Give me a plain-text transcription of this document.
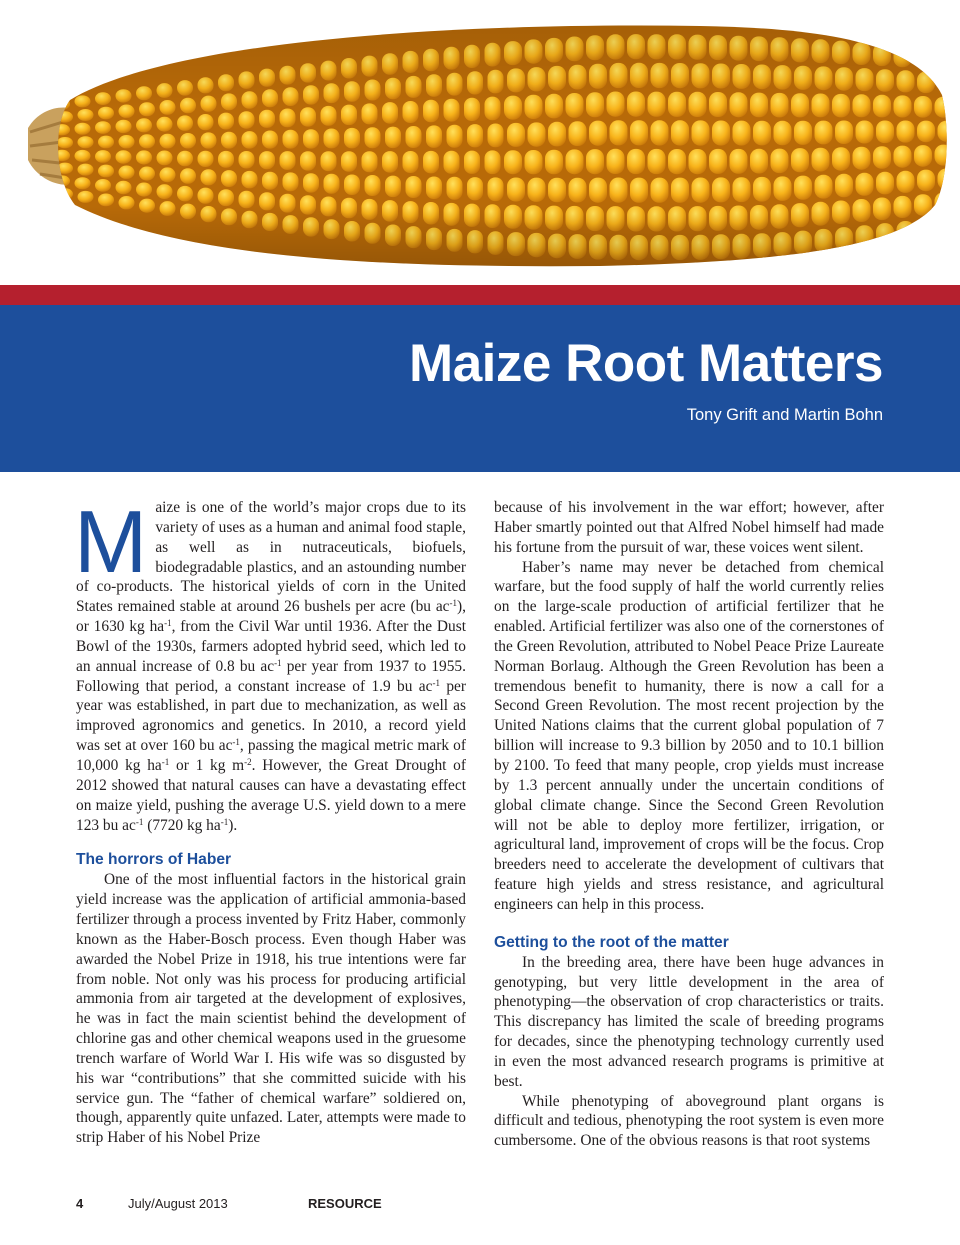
Maize Root Matters
Tony Grift and Martin Bohn

Maize is one of the world’s major crops due to its variety of uses as a human and animal food staple, as well as in nutraceuticals, biofuels, biodegradable plastics, and an astounding number of co-products. The historical yields of corn in the United States remained stable at around 26 bushels per acre (bu $ac^{-1}$), or 1630 kg $ha^{-1}$, from the Civil War until 1936. After the Dust Bowl of the 1930s, farmers adopted hybrid seed, which led to an annual increase of 0.8 bu $ac^{-1}$ per year from 1937 to 1955. Following that period, a constant increase of 1.9 bu $ac^{-1}$ per year was established, in part due to mechanization, as well as improved agronomics and genetics. In 2010, a record yield was set at over 160 bu $ac^{-1}$, passing the magical metric mark of 10,000 kg $ha^{-1}$ or 1 kg $m^{-2}$. However, the Great Drought of 2012 showed that natural causes can have a devastating effect on maize yield, pushing the average U.S. yield down to a mere 123 bu $ac^{-1}$ (7720 kg $ha^{-1}$).

The horrors of Haber

One of the most influential factors in the historical grain yield increase was the application of artificial ammonia-based fertilizer through a process invented by Fritz Haber, commonly known as the Haber-Bosch process. Even though Haber was awarded the Nobel Prize in 1918, his true intentions were far from noble. Not only was his process for producing artificial ammonia from air targeted at the development of explosives, he was in fact the main scientist behind the development of chlorine gas and other chemical weapons used in the gruesome trench warfare of World War I. His wife was so disgusted by his war “contributions” that she committed suicide with his service gun. The “father of chemical warfare” soldiered on, though, apparently quite unfazed. Later, attempts were made to strip Haber of his Nobel Prize

because of his involvement in the war effort; however, after Haber smartly pointed out that Alfred Nobel himself had made his fortune from the pursuit of war, these voices went silent.

Haber’s name may never be detached from chemical warfare, but the food supply of half the world currently relies on the large-scale production of artificial fertilizer that he enabled. Artificial fertilizer was also one of the cornerstones of the Green Revolution, attributed to Nobel Peace Prize Laureate Norman Borlaug. Although the Green Revolution has been a tremendous benefit to humanity, there is now a call for a Second Green Revolution. The most recent projection by the United Nations claims that the current global population of 7 billion will increase to 9.3 billion by 2050 and to 10.1 billion by 2100. To feed that many people, crop yields must increase by 1.3 percent annually under the uncertain conditions of global climate change. Since the Second Green Revolution will not be able to deploy more fertilizer, irrigation, or agricultural land, improvement of crops will be the focus. Crop breeders need to accelerate the development of cultivars that feature high yields and stress resistance, and agricultural engineers can help in this process.

Getting to the root of the matter

In the breeding area, there have been huge advances in genotyping, but very little development in the area of phenotyping—the observation of crop characteristics or traits. This discrepancy has limited the scale of breeding programs for decades, since the phenotyping technology currently used in even the most advanced research programs is primitive at best.

While phenotyping of aboveground plant organs is difficult and tedious, phenotyping the root system is even more cumbersome. One of the obvious reasons is that root systems

4	July/August 2013	RESOURCE
